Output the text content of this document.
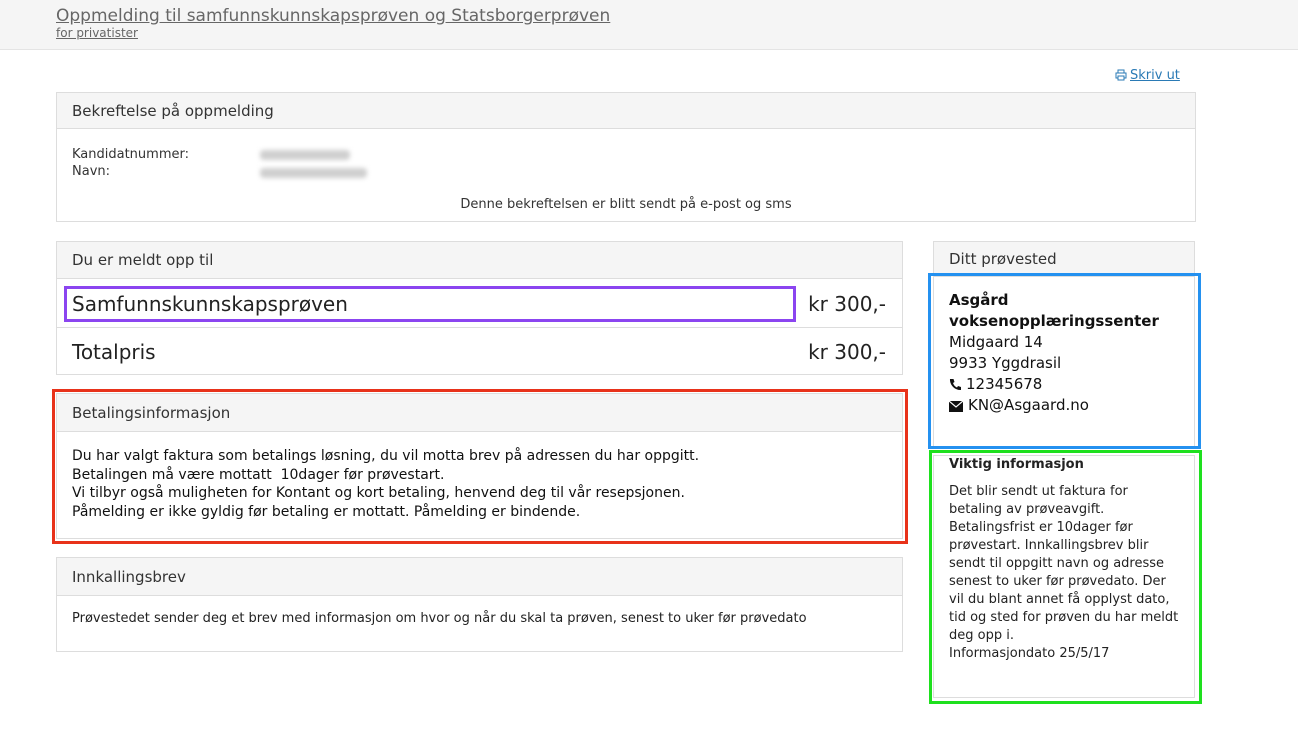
Oppmelding til samfunnskunnskapsprøven og Statsborgerprøven
for privatister
Skriv ut
Bekreftelse på oppmelding
Kandidatnummer:
Navn:
Denne bekreftelsen er blitt sendt på e-post og sms
Du er meldt opp til
Samfunnskunnskapsprøven	kr 300,-
Totalpris	kr 300,-
Betalingsinformasjon
Du har valgt faktura som betalings løsning, du vil motta brev på adressen du har oppgitt.
Betalingen må være mottatt  10dager før prøvestart.
Vi tilbyr også muligheten for Kontant og kort betaling, henvend deg til vår resepsjonen.
Påmelding er ikke gyldig før betaling er mottatt. Påmelding er bindende.
Innkallingsbrev
Prøvestedet sender deg et brev med informasjon om hvor og når du skal ta prøven, senest to uker før prøvedato
Ditt prøvested
Asgård
voksenopplæringssenter
Midgaard 14
9933 Yggdrasil
12345678
KN@Asgaard.no
Viktig informasjon
Det blir sendt ut faktura for betaling av prøveavgift. Betalingsfrist er 10dager før prøvestart. Innkallingsbrev blir sendt til oppgitt navn og adresse senest to uker før prøvedato. Der vil du blant annet få opplyst dato, tid og sted for prøven du har meldt deg opp i.
Informasjondato 25/5/17
